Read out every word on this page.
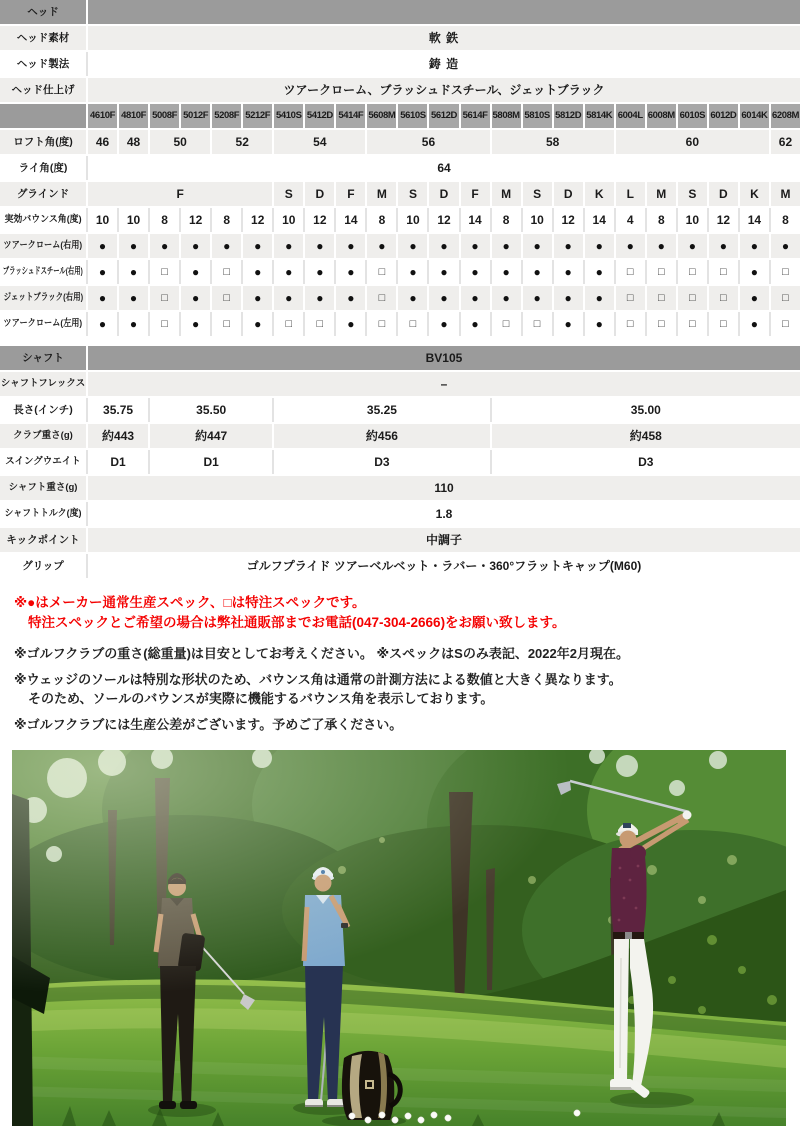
ヘッド
ヘッド素材	軟 鉄
ヘッド製法	鋳 造
ヘッド仕上げ	ツアークローム、ブラッシュドスチール、ジェットブラック
4610F 4810F 5008F 5012F 5208F 5212F 5410S 5412D 5414F 5608M 5610S 5612D 5614F 5808M 5810S 5812D 5814K 6004L 6008M 6010S 6012D 6014K 6208M
ロフト角(度) 46 48	50	52	54	56	58	60	62
ライ角(度)	64
グラインド	F	S D F M S D F M S D K L M S D K M
実効バウンス角(度) 10 10 8 12 8 12 10 12 14 8 10 12 14 8 10 12 14 4 8 10 12 14 8
ツアークローム(右用) ● ● ● ● ● ● ● ● ● ● ● ● ● ● ● ● ● ● ● ● ● ● ●
ブラッシュドスチール(右用) ● ● □ ● □ ● ● ● ● □ ● ● ● ● ● ● ● □ □ □ □ ● □
ジェットブラック(右用) ● ● □ ● □ ● ● ● ● □ ● ● ● ● ● ● ● □ □ □ □ ● □
ツアークローム(左用) ● ● □ ● □ ● □ □ ● □ □ ● ● □ □ ● ● □ □ □ □ ● □
シャフト	BV105
シャフトフレックス	–
長さ(インチ)	35.75	35.50	35.25	35.00
クラブ重さ(g) 約443	約447	約456	約458
スイングウエイト D1	D1	D3	D3
シャフト重さ(g)	110
シャフトトルク(度)	1.8
キックポイント	中調子
グリップ	ゴルフプライド ツアーベルベット・ラバー・360°フラットキャップ(M60)
※●はメーカー通常生産スペック、□は特注スペックです。
特注スペックとご希望の場合は弊社通販部までお電話(047-304-2666)をお願い致します。
※ゴルフクラブの重さ(総重量)は目安としてお考えください。 ※スペックはSのみ表記、2022年2月現在。
※ウェッジのソールは特別な形状のため、バウンス角は通常の計測方法による数値と大きく異なります。
そのため、ソールのバウンスが実際に機能するバウンス角を表示しております。
※ゴルフクラブには生産公差がございます。予めご了承ください。
